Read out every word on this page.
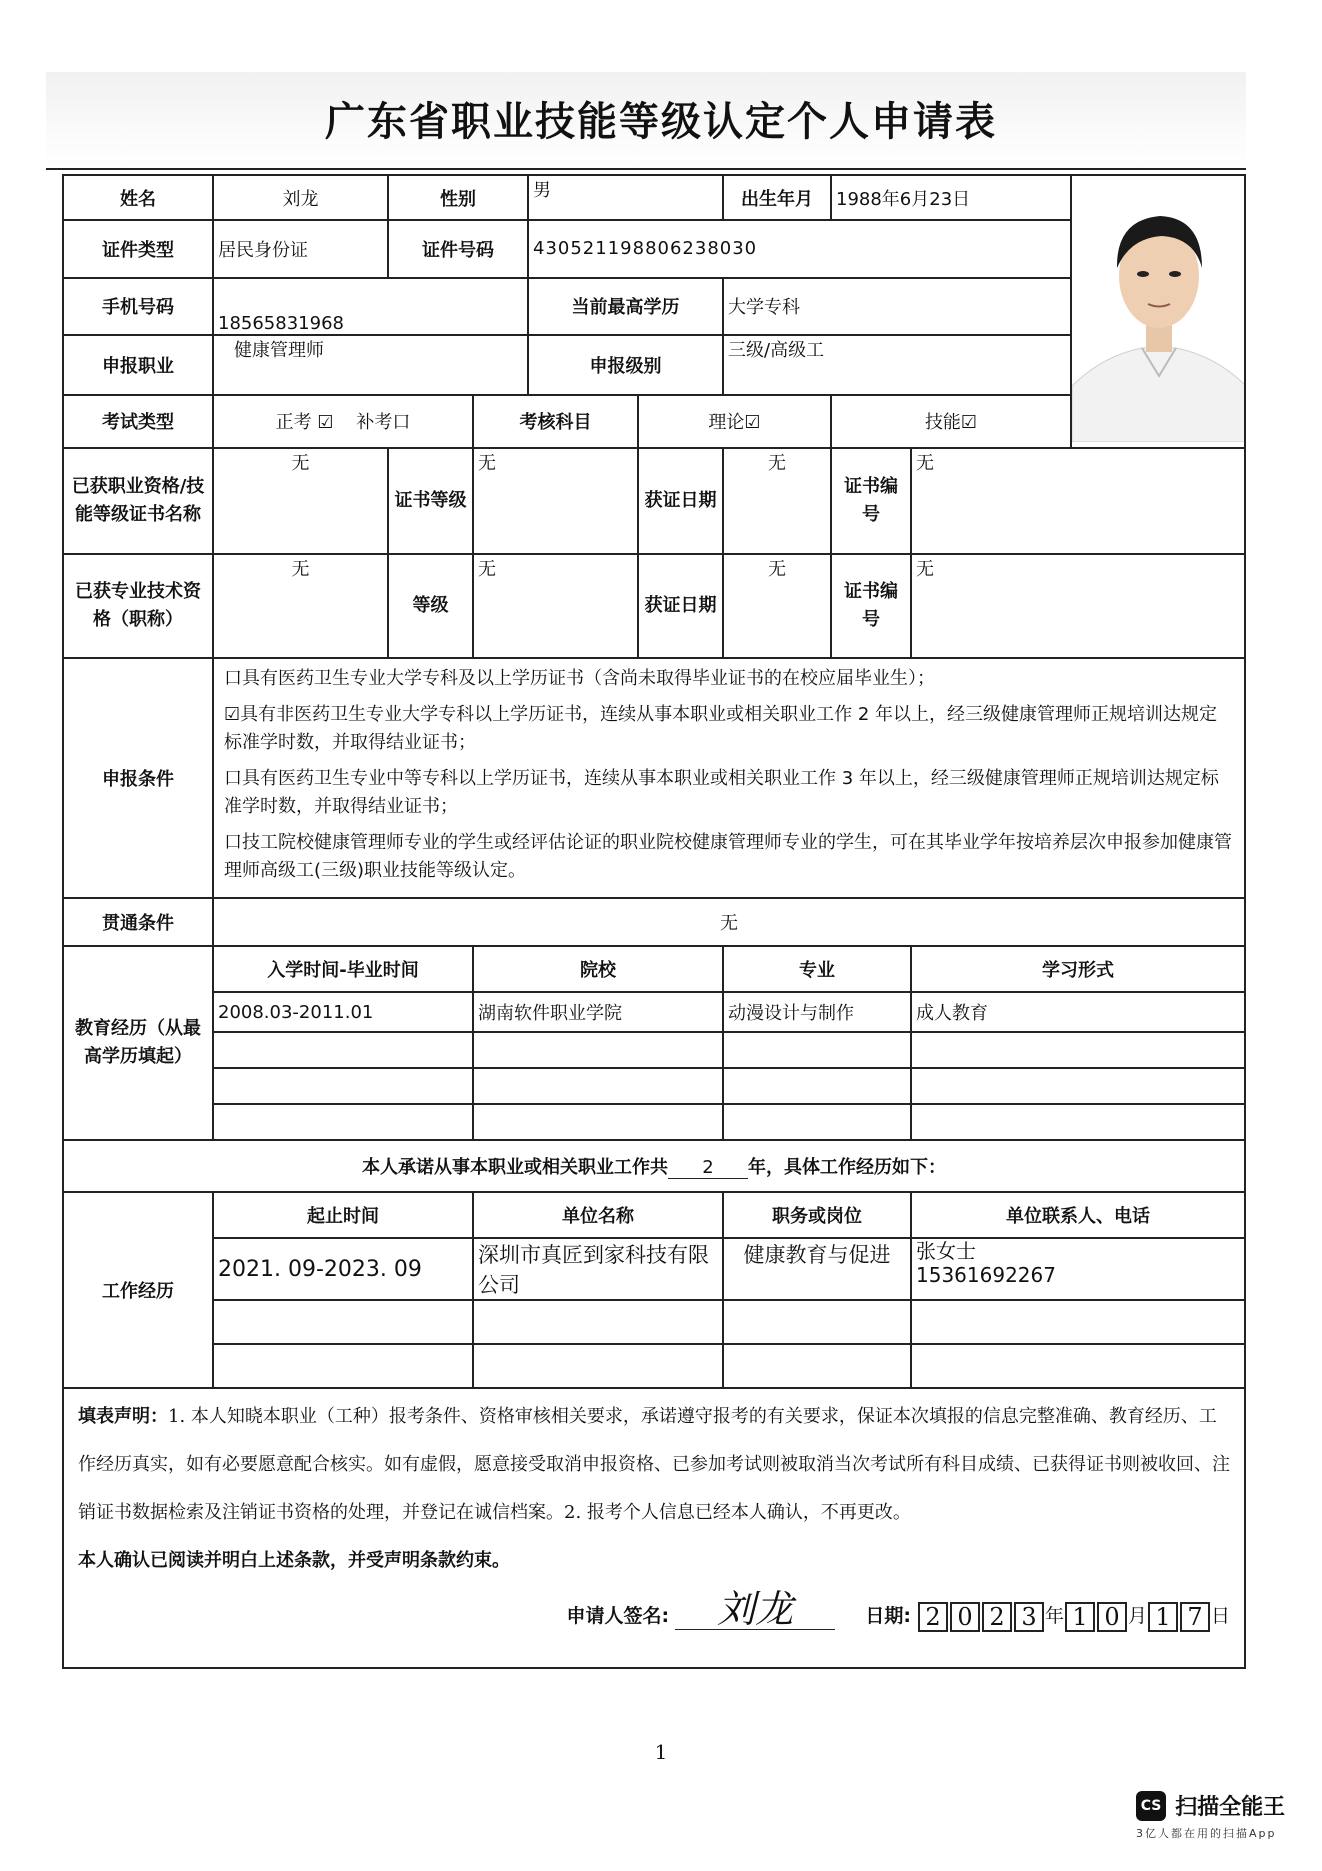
广东省职业技能等级认定个人申请表
姓名	刘龙	性别		男		出生年月	1988年6月23日	
证件类型	居民身份证	证件号码		430521198806238030					
手机号码	18565831968			当前最高学历		大学专科			
申报职业	健康管理师			申报级别		三级/高级工			
考试类型	正考 ☑ 补考口		考核科目		理论☑		技能☑		
已获职业资格/技能等级证书名称	无	证书等级	无		获证日期	无	证书编号	无	
已获专业技术资格（职称）	无	等级	无		获证日期	无	证书编号	无	
申报条件	口具有医药卫生专业大学专科及以上学历证书（含尚未取得毕业证书的在校应届毕业生）；
☑具有非医药卫生专业大学专科以上学历证书，连续从事本职业或相关职业工作 2 年以上，经三级健康管理师正规培训达规定标准学时数，并取得结业证书；
口具有医药卫生专业中等专科以上学历证书，连续从事本职业或相关职业工作 3 年以上，经三级健康管理师正规培训达规定标准学时数，并取得结业证书；
口技工院校健康管理师专业的学生或经评估论证的职业院校健康管理师专业的学生，可在其毕业学年按培养层次申报参加健康管理师高级工(三级)职业技能等级认定。								

贯通条件	无								
教育经历（从最高学历填起）	入学时间-毕业时间		院校			专业		学习形式	
	2008.03-2011.01		湖南软件职业学院			动漫设计与制作		成人教育	

本人承诺从事本职业或相关职业工作共 2 年，具体工作经历如下：									
工作经历	起止时间		单位名称			职务或岗位		单位联系人、电话	
	2021. 09-2023. 09		深圳市真匠到家科技有限公司			健康教育与促进		张女士
15361692267	

填表声明：1. 本人知晓本职业（工种）报考条件、资格审核相关要求，承诺遵守报考的有关要求，保证本次填报的信息完整准确、教育经历、工作经历真实，如有必要愿意配合核实。如有虚假，愿意接受取消申报资格、已参加考试则被取消当次考试所有科目成绩、已获得证书则被收回、注销证书数据检索及注销证书资格的处理，并登记在诚信档案。2. 报考个人信息已经本人确认，不再更改。
本人确认已阅读并明白上述条款，并受声明条款约束。
申请人签名: 刘龙 日期: 2 0 2 3 年 1 0 月 1 7 日									
1
CS 扫描全能王
3亿人都在用的扫描App
